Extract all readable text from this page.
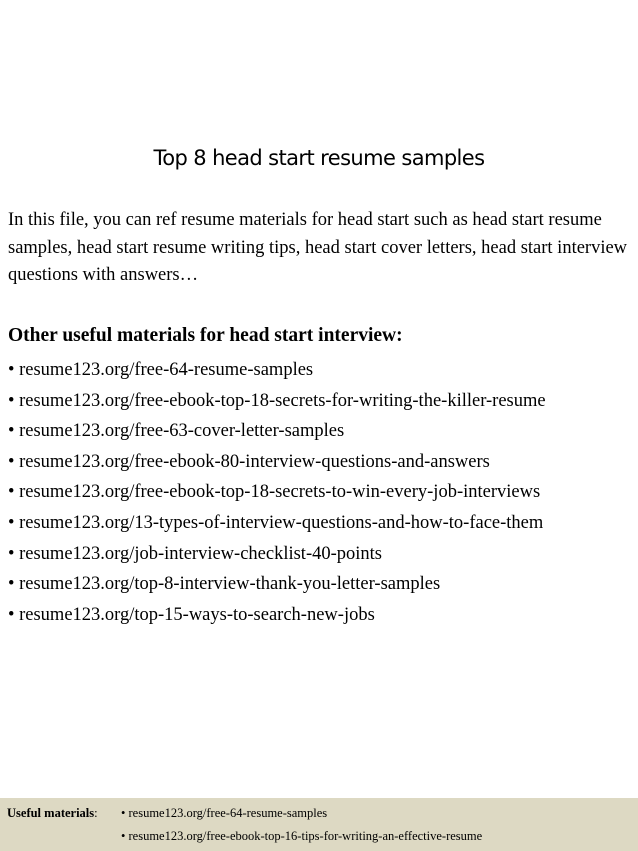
Top 8 head start resume samples

In this file, you can ref resume materials for head start such as head start resume samples, head start resume writing tips, head start cover letters, head start interview questions with answers…

Other useful materials for head start interview:
• resume123.org/free-64-resume-samples
• resume123.org/free-ebook-top-18-secrets-for-writing-the-killer-resume
• resume123.org/free-63-cover-letter-samples
• resume123.org/free-ebook-80-interview-questions-and-answers
• resume123.org/free-ebook-top-18-secrets-to-win-every-job-interviews
• resume123.org/13-types-of-interview-questions-and-how-to-face-them
• resume123.org/job-interview-checklist-40-points
• resume123.org/top-8-interview-thank-you-letter-samples
• resume123.org/top-15-ways-to-search-new-jobs
Useful materials: • resume123.org/free-64-resume-samples
• resume123.org/free-ebook-top-16-tips-for-writing-an-effective-resume
